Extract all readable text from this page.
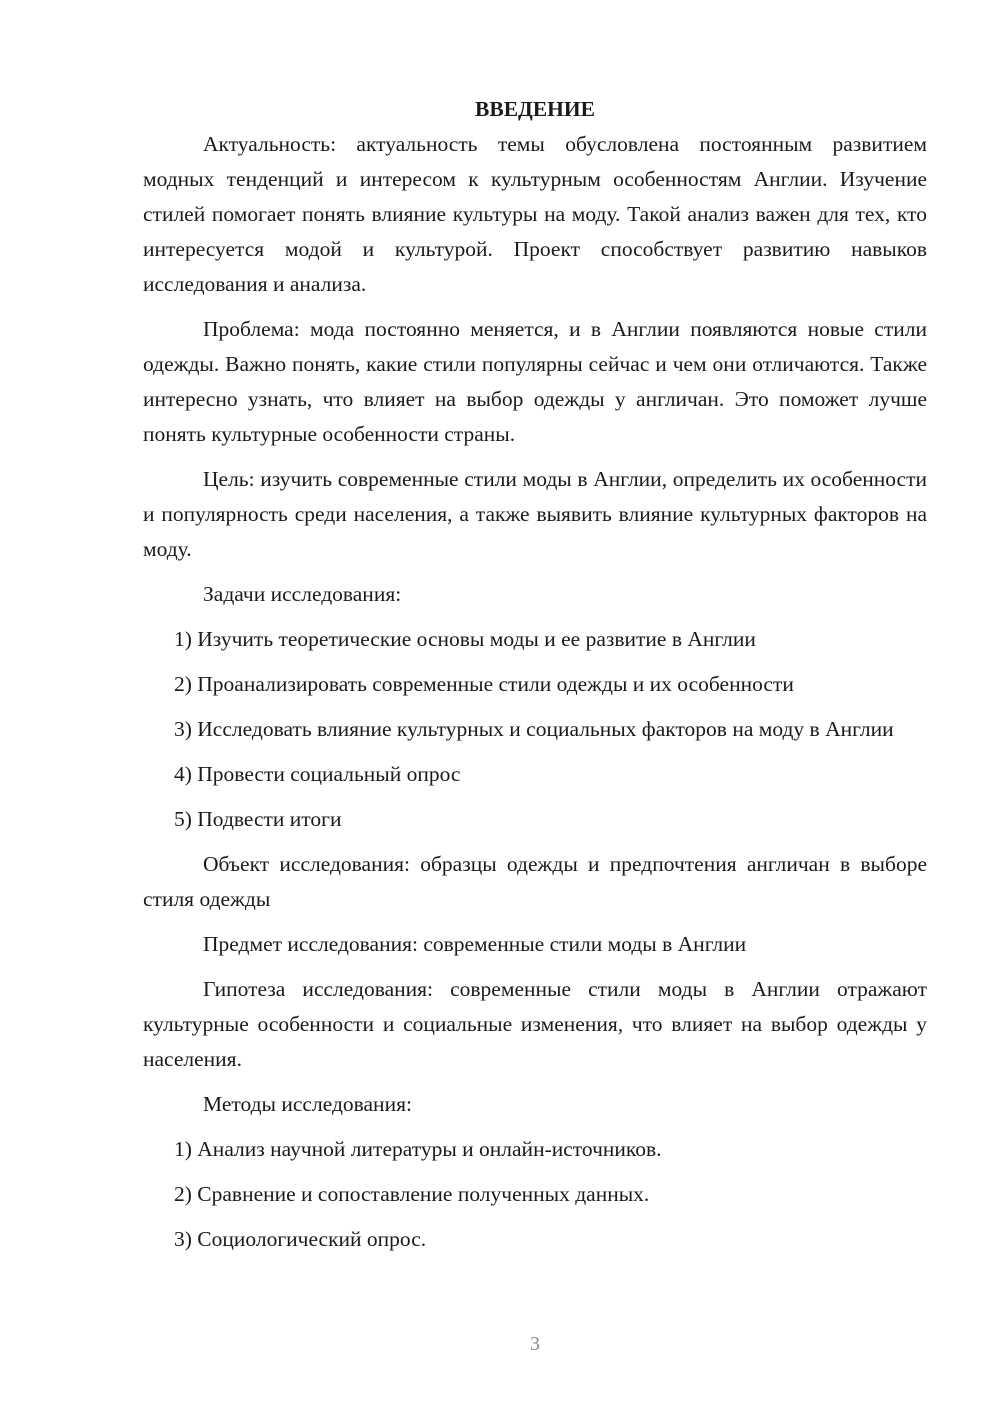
ВВЕДЕНИЕ

Актуальность: актуальность темы обусловлена постоянным развитием модных тенденций и интересом к культурным особенностям Англии. Изучение стилей помогает понять влияние культуры на моду. Такой анализ важен для тех, кто интересуется модой и культурой. Проект способствует развитию навыков исследования и анализа.

Проблема: мода постоянно меняется, и в Англии появляются новые стили одежды. Важно понять, какие стили популярны сейчас и чем они отличаются. Также интересно узнать, что влияет на выбор одежды у англичан. Это поможет лучше понять культурные особенности страны.

Цель: изучить современные стили моды в Англии, определить их особенности и популярность среди населения, а также выявить влияние культурных факторов на моду.

Задачи исследования:

1) Изучить теоретические основы моды и ее развитие в Англии

2) Проанализировать современные стили одежды и их особенности

3) Исследовать влияние культурных и социальных факторов на моду в Англии

4) Провести социальный опрос

5) Подвести итоги

Объект исследования: образцы одежды и предпочтения англичан в выборе стиля одежды

Предмет исследования: современные стили моды в Англии

Гипотеза исследования: современные стили моды в Англии отражают культурные особенности и социальные изменения, что влияет на выбор одежды у населения.

Методы исследования:

1) Анализ научной литературы и онлайн-источников.

2) Сравнение и сопоставление полученных данных.

3) Социологический опрос.

3
